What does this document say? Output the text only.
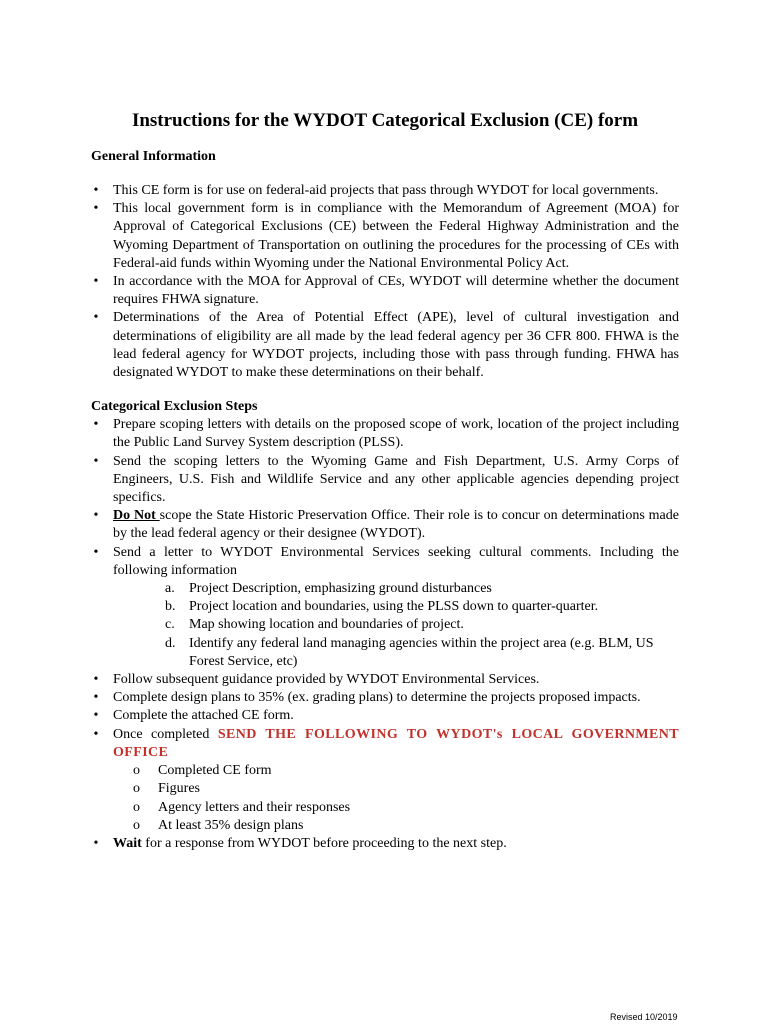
Instructions for the WYDOT Categorical Exclusion (CE) form
General Information
• This CE form is for use on federal-aid projects that pass through WYDOT for local governments.
• This local government form is in compliance with the Memorandum of Agreement (MOA) for Approval of Categorical Exclusions (CE) between the Federal Highway Administration and the Wyoming Department of Transportation on outlining the procedures for the processing of CEs with Federal-aid funds within Wyoming under the National Environmental Policy Act.
• In accordance with the MOA for Approval of CEs, WYDOT will determine whether the document requires FHWA signature.
• Determinations of the Area of Potential Effect (APE), level of cultural investigation and determinations of eligibility are all made by the lead federal agency per 36 CFR 800. FHWA is the lead federal agency for WYDOT projects, including those with pass through funding. FHWA has designated WYDOT to make these determinations on their behalf.
Categorical Exclusion Steps
• Prepare scoping letters with details on the proposed scope of work, location of the project including the Public Land Survey System description (PLSS).
• Send the scoping letters to the Wyoming Game and Fish Department, U.S. Army Corps of Engineers, U.S. Fish and Wildlife Service and any other applicable agencies depending project specifics.
• Do Not scope the State Historic Preservation Office. Their role is to concur on determinations made by the lead federal agency or their designee (WYDOT).
• Send a letter to WYDOT Environmental Services seeking cultural comments. Including the following information
a.	Project Description, emphasizing ground disturbances
b. Project location and boundaries, using the PLSS down to quarter-quarter.
c.	Map showing location and boundaries of project.
d. Identify any federal land managing agencies within the project area (e.g. BLM, US Forest Service, etc)
• Follow subsequent guidance provided by WYDOT Environmental Services.
• Complete design plans to 35% (ex. grading plans) to determine the projects proposed impacts.
• Complete the attached CE form.
• Once completed SEND THE FOLLOWING TO WYDOT's LOCAL GOVERNMENT OFFICE
o Completed CE form
o Figures
o Agency letters and their responses
o At least 35% design plans
• Wait for a response from WYDOT before proceeding to the next step.
Revised 10/2019
